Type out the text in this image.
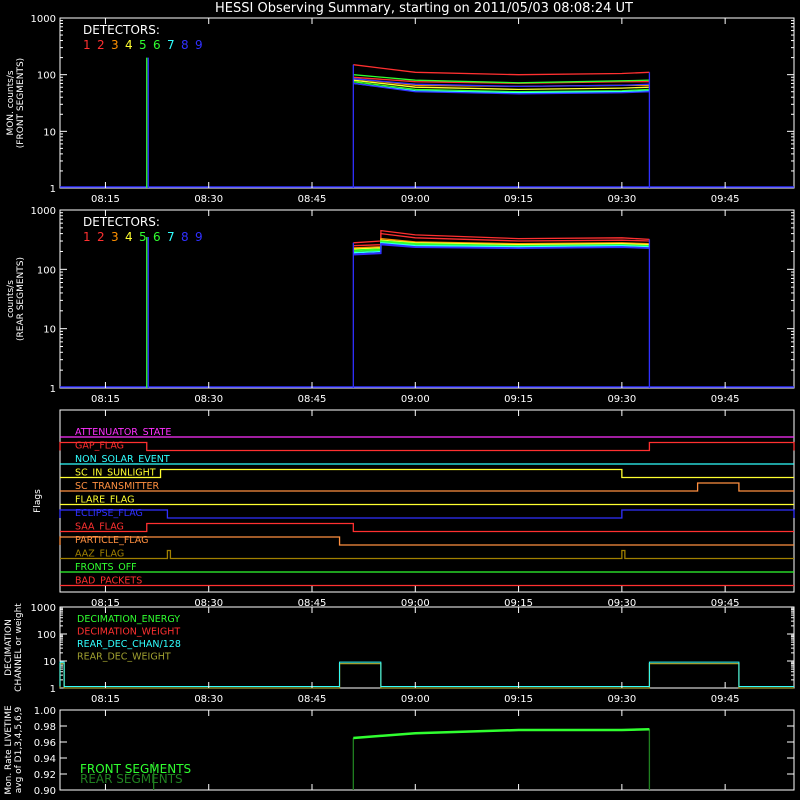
HESSI Observing Summary, starting on 2011/05/03 08:08:24 UT
1
10
100
1000
MON. counts/s (FRONT SEGMENTS)
08:15	08:30	08:45	09:00	09:15	09:30	09:45
DETECTORS:
1 2 3 4 5 6 7 8 9
1
10
100
1000
counts/s (REAR SEGMENTS)
08:15	08:30	08:45	09:00	09:15	09:30	09:45
DETECTORS:
1 2 3 4 5 6 7 8 9
Flags
ATTENUATOR_STATE
GAP_FLAG
NON_SOLAR_EVENT
SC_IN_SUNLIGHT
SC_TRANSMITTER
FLARE_FLAG
ECLIPSE_FLAG
SAA_FLAG
PARTICLE_FLAG
AAZ_FLAG
FRONTS_OFF
BAD_PACKETS
08:15	08:30	08:45	09:00	09:15	09:30	09:45
1
10
100
1000
DECIMATION CHANNEL or weight	DECIMATION_ENERGY
DECIMATION_WEIGHT
REAR_DEC_CHAN/128
REAR_DEC_WEIGHT
08:15	08:30	08:45	09:00	09:15	09:30	09:45
Mon. Rate LIVETIME avg of D1,3,4,5,6,9 0.90
0.92
0.94
0.96
0.98
1.00
FRONT SEGMENTS
REAR SEGMENTS
